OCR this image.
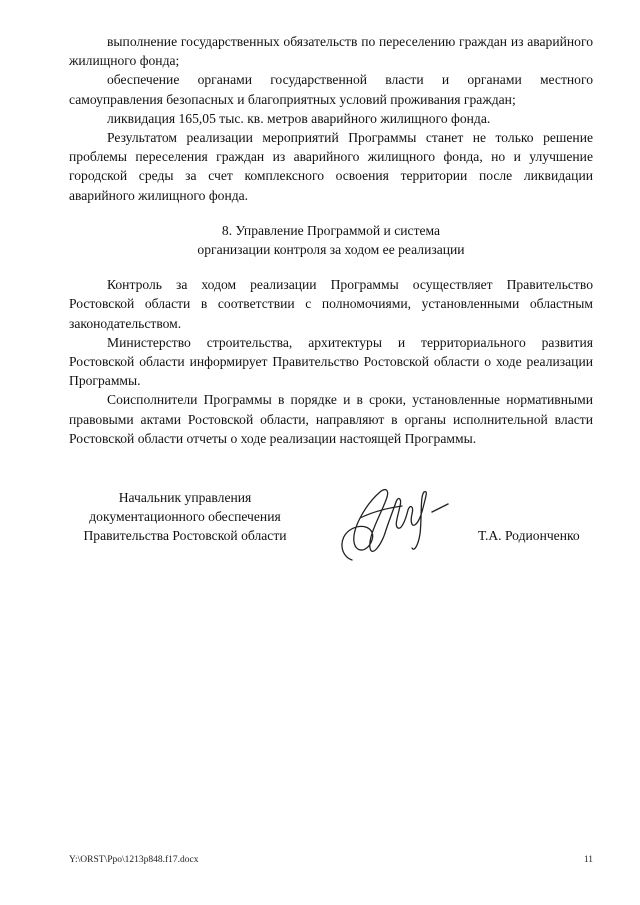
выполнение государственных обязательств по переселению граждан из аварийного жилищного фонда;

обеспечение органами государственной власти и органами местного самоуправления безопасных и благоприятных условий проживания граждан;

ликвидация 165,05 тыс. кв. метров аварийного жилищного фонда.

Результатом реализации мероприятий Программы станет не только решение проблемы переселения граждан из аварийного жилищного фонда, но и улучшение городской среды за счет комплексного освоения территории после ликвидации аварийного жилищного фонда.

8. Управление Программой и система
организации контроля за ходом ее реализации

Контроль за ходом реализации Программы осуществляет Правительство Ростовской области в соответствии с полномочиями, установленными областным законодательством.

Министерство строительства, архитектуры и территориального развития Ростовской области информирует Правительство Ростовской области о ходе реализации Программы.

Соисполнители Программы в порядке и в сроки, установленные нормативными правовыми актами Ростовской области, направляют в органы исполнительной власти Ростовской области отчеты о ходе реализации настоящей Программы.

Начальник управления
документационного обеспечения
Правительства Ростовской области	Т.А. Родионченко
Y:\ORST\Ppo\1213p848.f17.docx	11
